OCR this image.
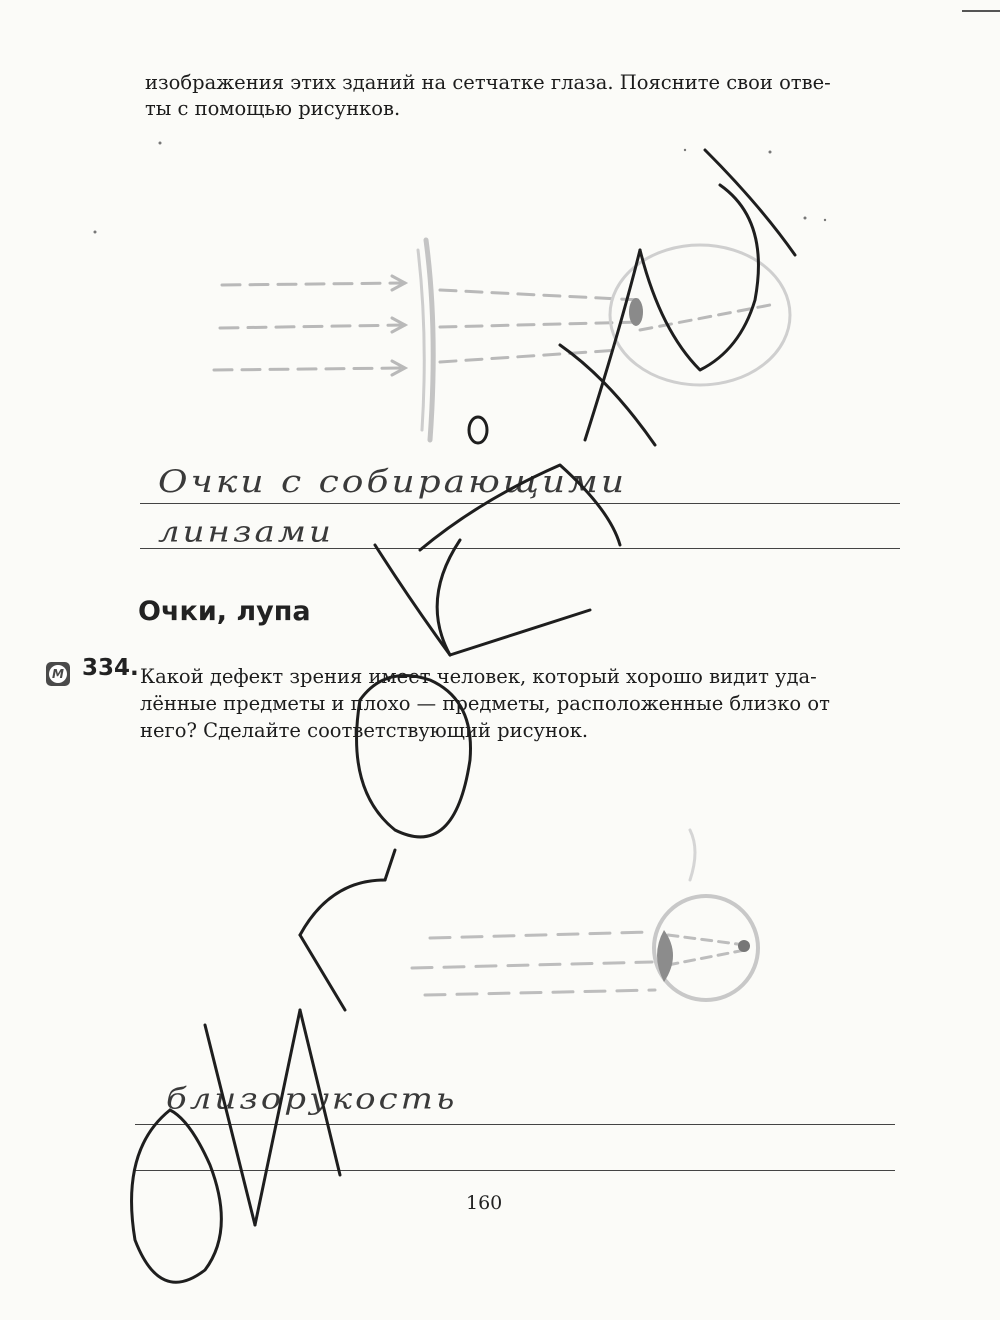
изображения этих зданий на сетчатке глаза. Поясните свои отве-
ты с помощью рисунков.
Очки с собирающими
линзами
Очки, лупа
М 334. Какой дефект зрения имеет человек, который хорошо видит уда-
лённые предметы и плохо — предметы, расположенные близко от
него? Сделайте соответствующий рисунок.
близорукость
160
